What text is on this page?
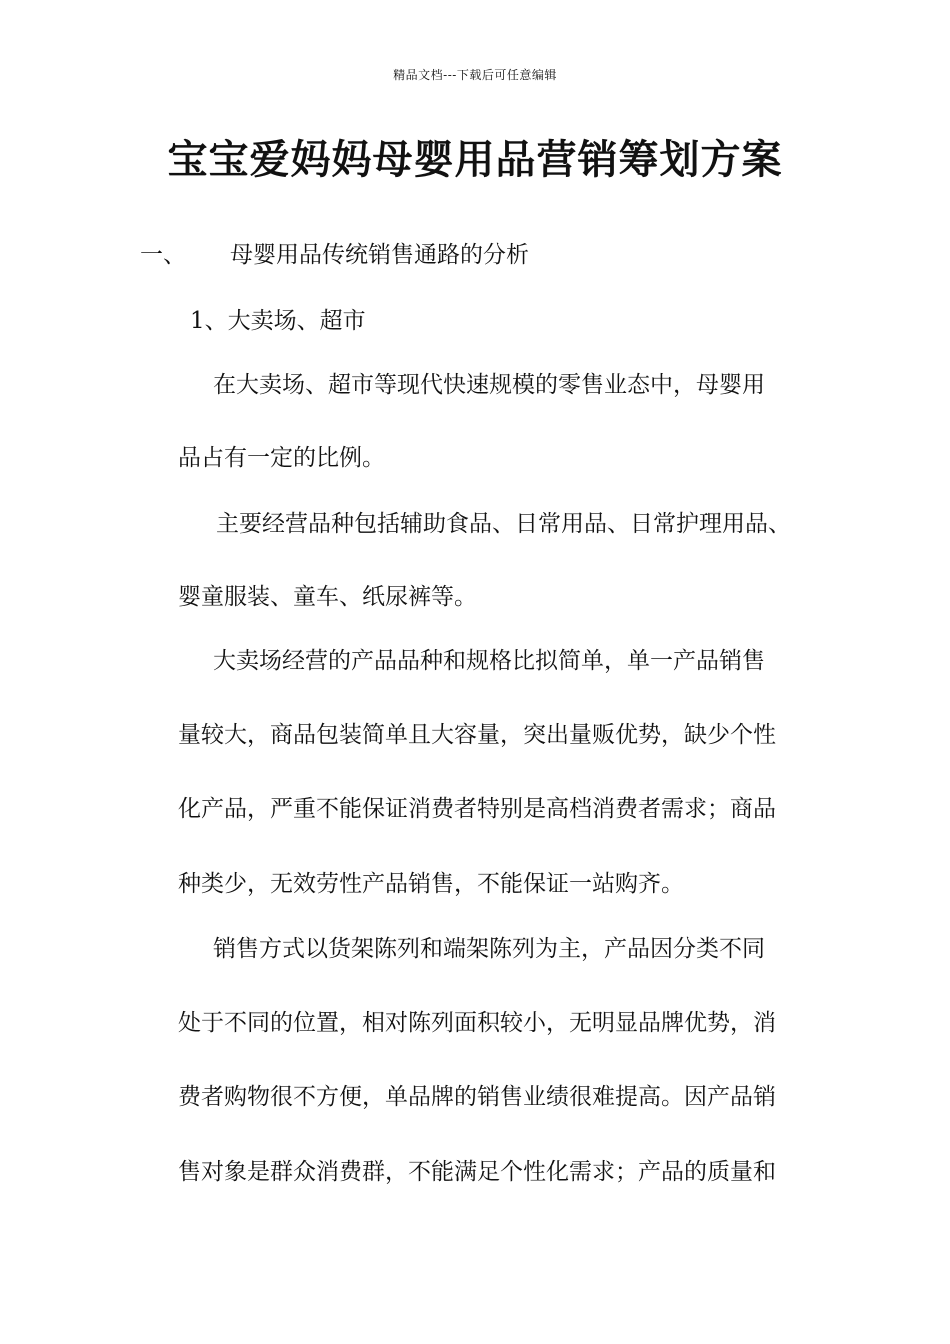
精品文档---下载后可任意编辑
宝宝爱妈妈母婴用品营销筹划方案
一、 母婴用品传统销售通路的分析
1、大卖场、超市
在大卖场、超市等现代快速规模的零售业态中，母婴用
品占有一定的比例。
主要经营品种包括辅助食品、日常用品、日常护理用品、
婴童服装、童车、纸尿裤等。
大卖场经营的产品品种和规格比拟简单，单一产品销售
量较大，商品包装简单且大容量，突出量贩优势，缺少个性
化产品，严重不能保证消费者特别是高档消费者需求；商品
种类少，无效劳性产品销售，不能保证一站购齐。
销售方式以货架陈列和端架陈列为主，产品因分类不同
处于不同的位置，相对陈列面积较小，无明显品牌优势，消
费者购物很不方便，单品牌的销售业绩很难提高。因产品销
售对象是群众消费群，不能满足个性化需求；产品的质量和
